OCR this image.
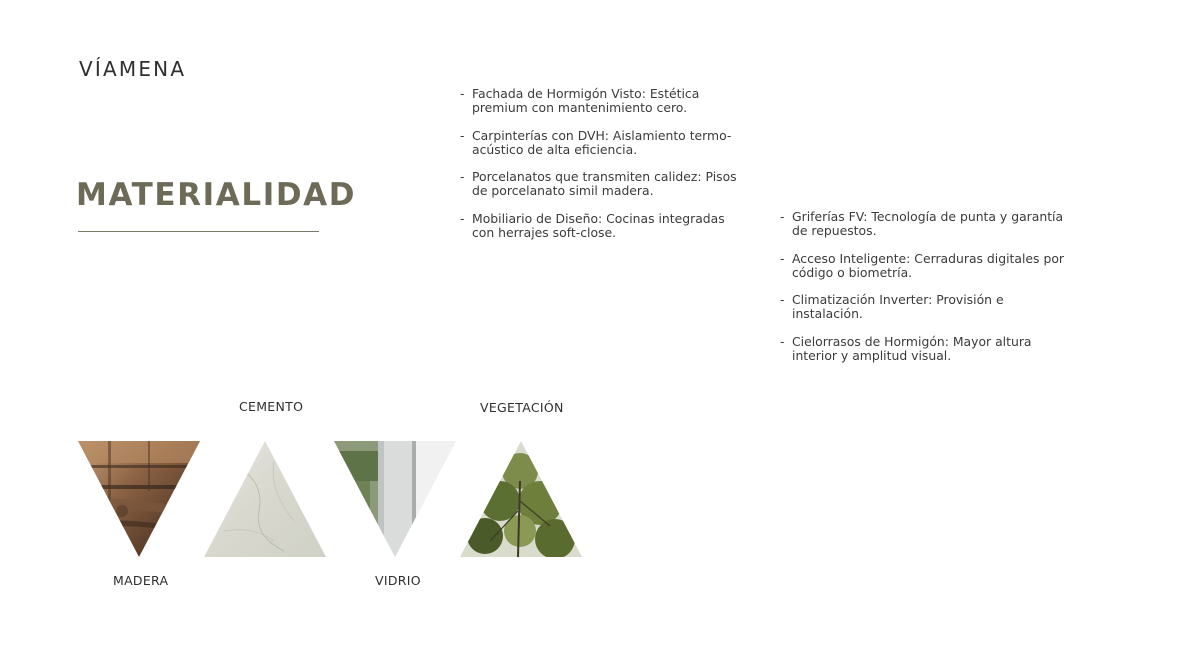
VÍAMENA
MATERIALIDAD
- Fachada de Hormigón Visto: Estética premium con mantenimiento cero.
- Carpinterías con DVH: Aislamiento termo-acústico de alta eficiencia.
- Porcelanatos que transmiten calidez: Pisos de porcelanato simil madera.
- Mobiliario de Diseño: Cocinas integradas con herrajes soft-close.
- Griferías FV: Tecnología de punta y garantía de repuestos.
- Acceso Inteligente: Cerraduras digitales por código o biometría.
- Climatización Inverter: Provisión e instalación.
- Cielorrasos de Hormigón: Mayor altura interior y amplitud visual.
CEMENTO	VEGETACIÓN
MADERA	VIDRIO
